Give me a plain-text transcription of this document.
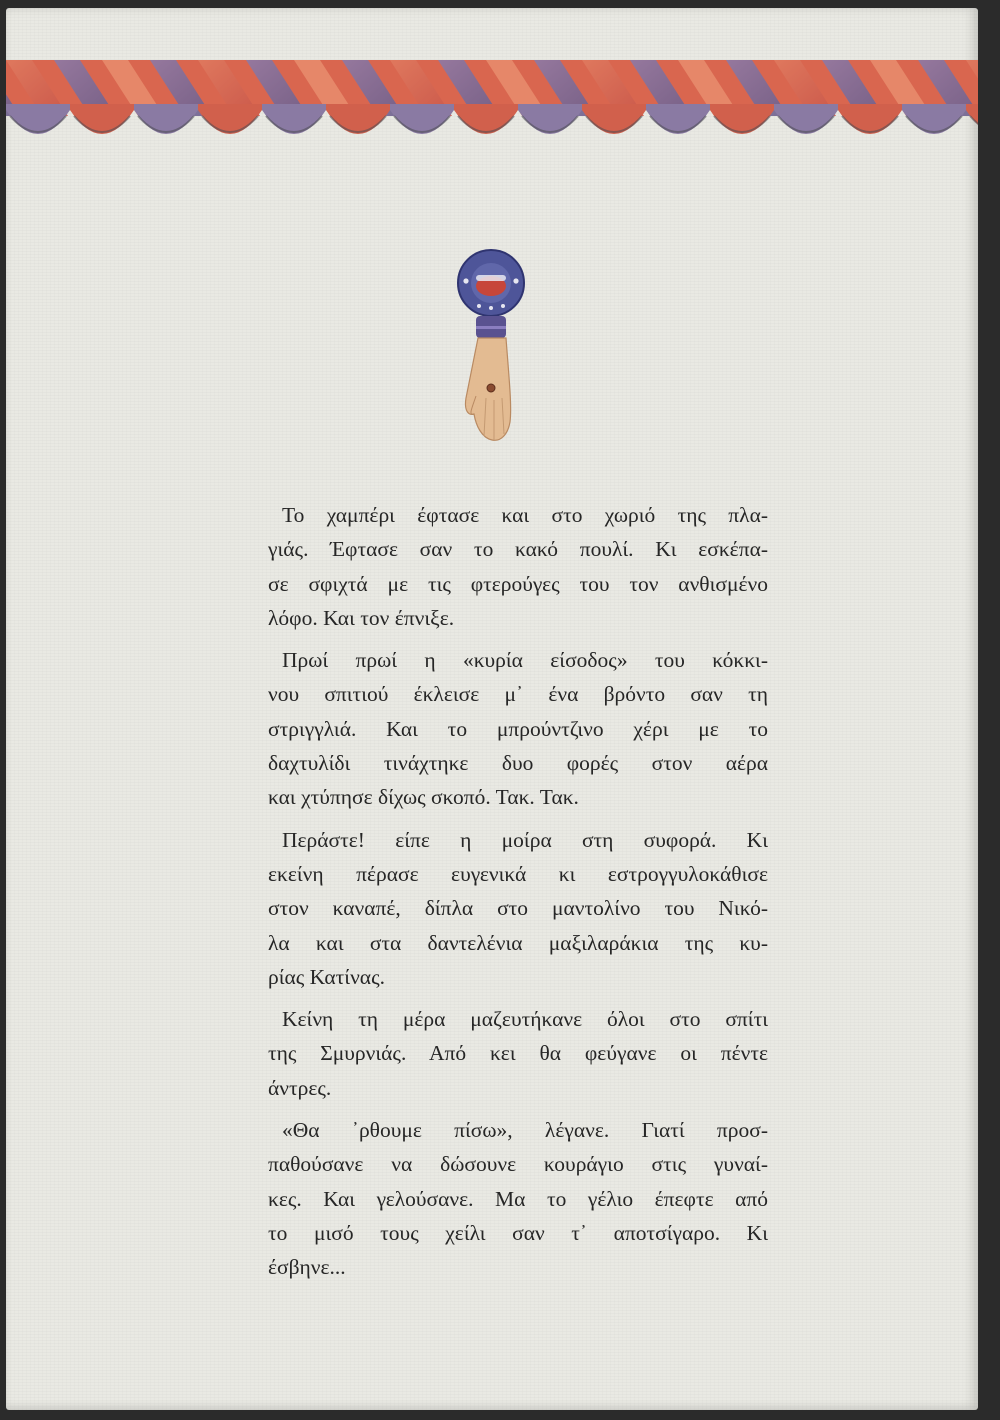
Το χαμπέρι έφτασε και στο χωριό της πλα-
γιάς. Έφτασε σαν το κακό πουλί. Κι εσκέπα-
σε σφιχτά με τις φτερούγες του τον ανθισμένο
λόφο. Και τον έπνιξε.
Πρωί πρωί η «κυρία είσοδος» του κόκκι-
νου σπιτιού έκλεισε μ᾽ ένα βρόντο σαν τη
στριγγλιά. Και το μπρούντζινο χέρι με το
δαχτυλίδι τινάχτηκε δυο φορές στον αέρα
και χτύπησε δίχως σκοπό. Τακ. Τακ.
Περάστε! είπε η μοίρα στη συφορά. Κι
εκείνη πέρασε ευγενικά κι εστρογγυλοκάθισε
στον καναπέ, δίπλα στο μαντολίνο του Νικό-
λα και στα δαντελένια μαξιλαράκια της κυ-
ρίας Κατίνας.
Κείνη τη μέρα μαζευτήκανε όλοι στο σπίτι
της Σμυρνιάς. Από κει θα φεύγανε οι πέντε
άντρες.
«Θα ᾽ρθουμε πίσω», λέγανε. Γιατί προσ-
παθούσανε να δώσουνε κουράγιο στις γυναί-
κες. Και γελούσανε. Μα το γέλιο έπεφτε από
το μισό τους χείλι σαν τ᾽ αποτσίγαρο. Κι
έσβηνε...
